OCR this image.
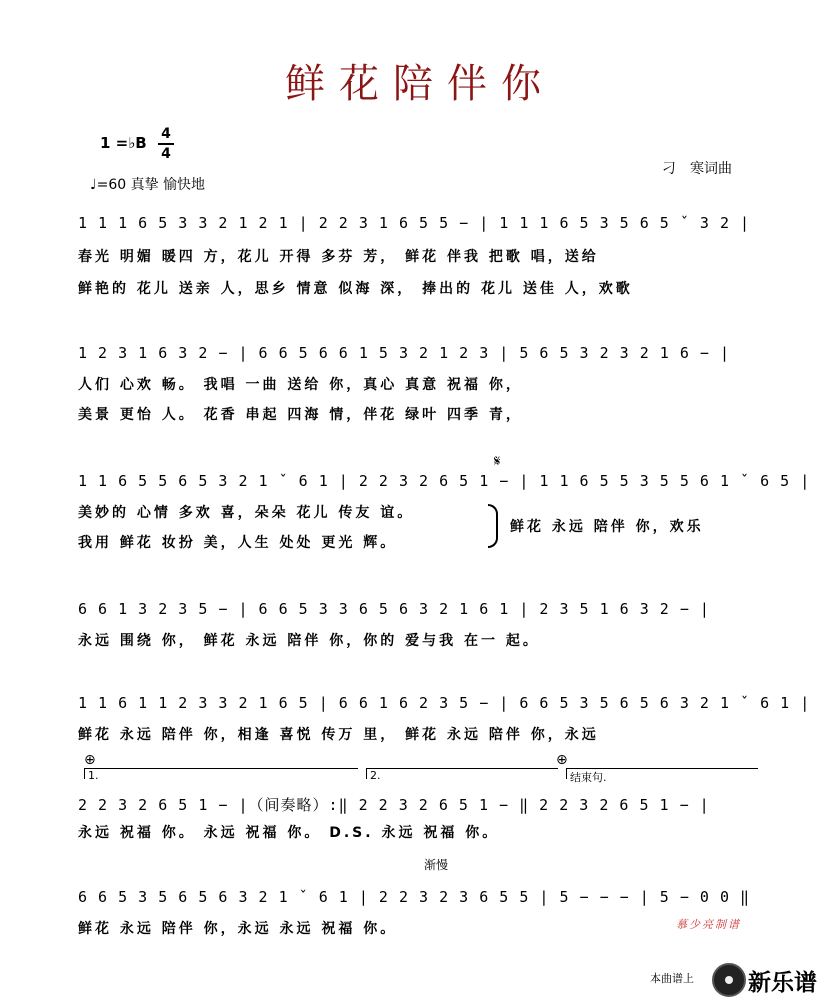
鲜花陪伴你
1 =♭B 4
4
♩=60 真挚 愉快地
刁　寒词曲
1 1 1 6 5 3 3 2 1 2 1 | 2 2 3 1 6 5 5 − | 1 1 1 6 5 3 5 6 5 ˇ 3 2 |
春光 明媚 暖四 方，花儿 开得 多芬 芳， 鲜花 伴我 把歌 唱，送给
鲜艳的 花儿 送亲 人，思乡 情意 似海 深， 捧出的 花儿 送佳 人，欢歌
1 2 3 1 6 3 2 − | 6 6 5 6 6 1 5 3 2 1 2 3 | 5 6 5 3 2 3 2 1 6 − |
人们 心欢 畅。 我唱 一曲 送给 你，真心 真意 祝福 你，
美景 更怡 人。 花香 串起 四海 情，伴花 绿叶 四季 青，
𝄋
1 1 6 5 5 6 5 3 2 1 ˇ 6 1 | 2 2 3 2 6 5 1 − | 1 1 6 5 5 3 5 5 6 1 ˇ 6 5 |
美妙的 心情 多欢 喜，朵朵 花儿 传友 谊。
我用 鲜花 妆扮 美，人生 处处 更光 辉。
鲜花 永远 陪伴 你，欢乐
6 6 1 3 2 3 5 − | 6 6 5 3 3 6 5 6 3 2 1 6 1 | 2 3 5 1 6 3 2 − |
永远 围绕 你， 鲜花 永远 陪伴 你，你的 爱与我 在一 起。
1 1 6 1 1 2 3 3 2 1 6 5 | 6 6 1 6 2 3 5 − | 6 6 5 3 5 6 5 6 3 2 1 ˇ 6 1 |
鲜花 永远 陪伴 你，相逢 喜悦 传万 里， 鲜花 永远 陪伴 你，永远
⊕	⊕
1.	2.	结束句.
2 2 3 2 6 5 1 − |（间奏略）:‖ 2 2 3 2 6 5 1 − ‖ 2 2 3 2 6 5 1 − |
永远 祝福 你。 永远 祝福 你。 D.S. 永远 祝福 你。
渐慢
6 6 5 3 5 6 5 6 3 2 1 ˇ 6 1 | 2 2 3 2 3 6 5 5 | 5 − − − | 5 − 0 0 ‖
鲜花 永远 陪伴 你，永远 永远 祝福 你。	慕少亮制谱
本曲谱上 新乐谱
